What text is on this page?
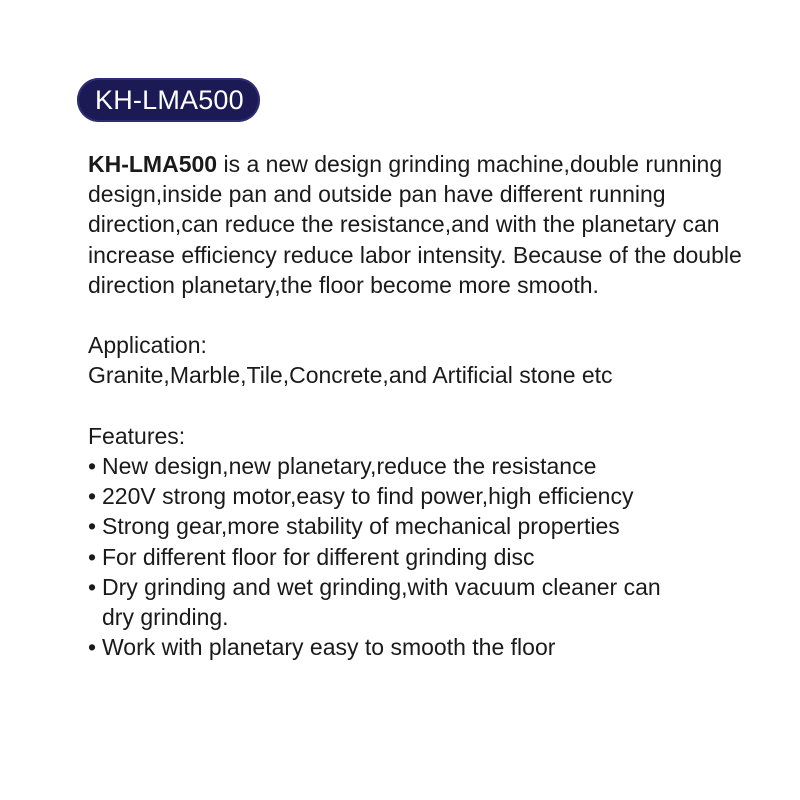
KH-LMA500

KH-LMA500 is a new design grinding machine,double running design,inside pan and outside pan have different running direction,can reduce the resistance,and with the planetary can increase efficiency reduce labor intensity. Because of the double direction planetary,the floor become more smooth.

Application:

Granite,Marble,Tile,Concrete,and Artificial stone etc

Features:

• New design,new planetary,reduce the resistance
• 220V strong motor,easy to find power,high efficiency
• Strong gear,more stability of mechanical properties
• For different floor for different grinding disc
• Dry grinding and wet grinding,with vacuum cleaner can dry grinding.
• Work with planetary easy to smooth the floor
